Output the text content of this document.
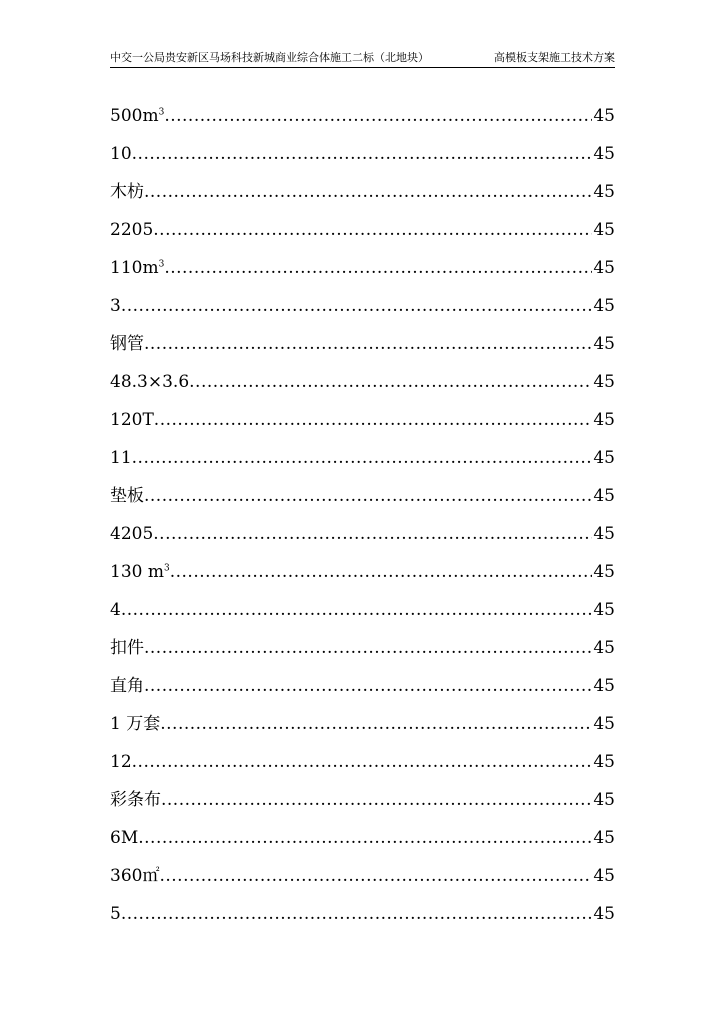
中交一公局贵安新区马场科技新城商业综合体施工二标（北地块）	高模板支架施工技术方案
$500m^3$ .....	45
10 .....	45
木枋 .....	45
2205 .....	45
$110m^3$ .....	45
3 .....	45
钢管 .....	45
48.3×3.6 .....	45
120T .....	45
11 .....	45
垫板 .....	45
4205 .....	45
130 $m^3$ .....	45
4 .....	45
扣件 .....	45
直角 .....	45
1 万套 .....	45
12 .....	45
彩条布 .....	45
6M .....	45
360㎡ .....	45
5 .....	45
